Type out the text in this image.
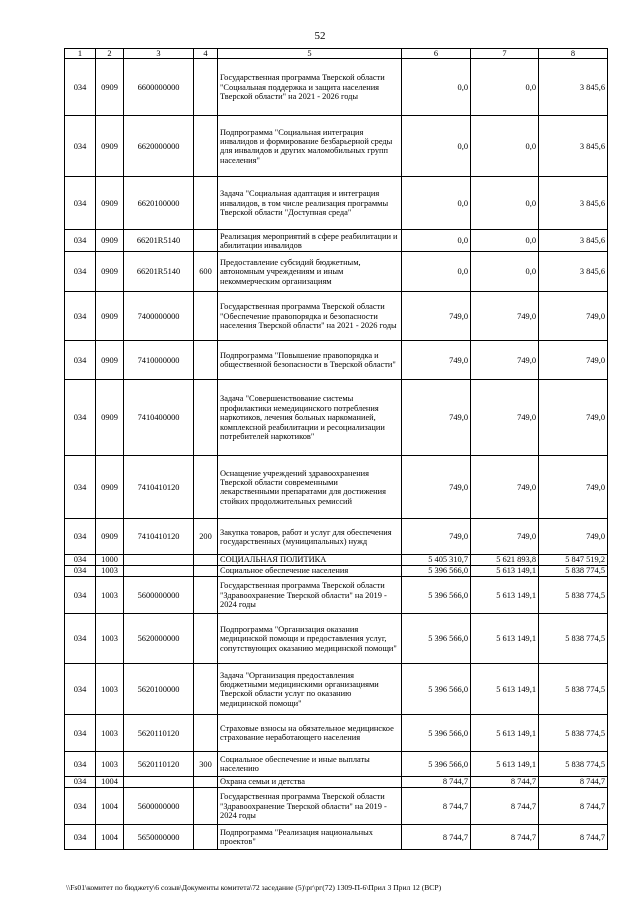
52
1	2	3	4	5	6	7	8
034	0909	6600000000		Государственная программа Тверской области "Социальная поддержка и защита населения Тверской области" на 2021 - 2026 годы	0,0	0,0	3 845,6
034	0909	6620000000		Подпрограмма "Социальная интеграция инвалидов и формирование безбарьерной среды для инвалидов и других маломобильных групп населения"	0,0	0,0	3 845,6
034	0909	6620100000		Задача "Социальная адаптация и интеграция инвалидов, в том числе реализация программы Тверской области "Доступная среда"	0,0	0,0	3 845,6
034	0909	66201R5140		Реализация мероприятий в сфере реабилитации и абилитации инвалидов	0,0	0,0	3 845,6
034	0909	66201R5140	600	Предоставление субсидий бюджетным, автономным учреждениям и иным некоммерческим организациям	0,0	0,0	3 845,6
034	0909	7400000000		Государственная программа Тверской области "Обеспечение правопорядка и безопасности населения Тверской области" на 2021 - 2026 годы	749,0	749,0	749,0
034	0909	7410000000		Подпрограмма "Повышение правопорядка и общественной безопасности в Тверской области"	749,0	749,0	749,0
034	0909	7410400000		Задача "Совершенствование системы профилактики немедицинского потребления наркотиков, лечения больных наркоманией, комплексной реабилитации и ресоциализации потребителей наркотиков"	749,0	749,0	749,0
034	0909	7410410120		Оснащение учреждений здравоохранения Тверской области современными лекарственными препаратами для достижения стойких продолжительных ремиссий	749,0	749,0	749,0
034	0909	7410410120	200	Закупка товаров, работ и услуг для обеспечения государственных (муниципальных) нужд	749,0	749,0	749,0
034	1000			СОЦИАЛЬНАЯ ПОЛИТИКА	5 405 310,7	5 621 893,8	5 847 519,2
034	1003			Социальное обеспечение населения	5 396 566,0	5 613 149,1	5 838 774,5
034	1003	5600000000		Государственная программа Тверской области "Здравоохранение Тверской области" на 2019 - 2024 годы	5 396 566,0	5 613 149,1	5 838 774,5
034	1003	5620000000		Подпрограмма "Организация оказания медицинской помощи и предоставления услуг, сопутствующих оказанию медицинской помощи"	5 396 566,0	5 613 149,1	5 838 774,5
034	1003	5620100000		Задача "Организация предоставления бюджетными медицинскими организациями Тверской области услуг по оказанию медицинской помощи"	5 396 566,0	5 613 149,1	5 838 774,5
034	1003	5620110120		Страховые взносы на обязательное медицинское страхование неработающего населения	5 396 566,0	5 613 149,1	5 838 774,5
034	1003	5620110120	300	Социальное обеспечение и иные выплаты населению	5 396 566,0	5 613 149,1	5 838 774,5
034	1004			Охрана семьи и детства	8 744,7	8 744,7	8 744,7
034	1004	5600000000		Государственная программа Тверской области "Здравоохранение Тверской области" на 2019 - 2024 годы	8 744,7	8 744,7	8 744,7
034	1004	5650000000		Подпрограмма "Реализация национальных проектов"	8 744,7	8 744,7	8 744,7
\\Fs01\комитет по бюджету\6 созыв\Документы комитета\72 заседание (5)\рг\рг(72) 1309-П-6\Прил 3 Прил 12 (ВСР)
